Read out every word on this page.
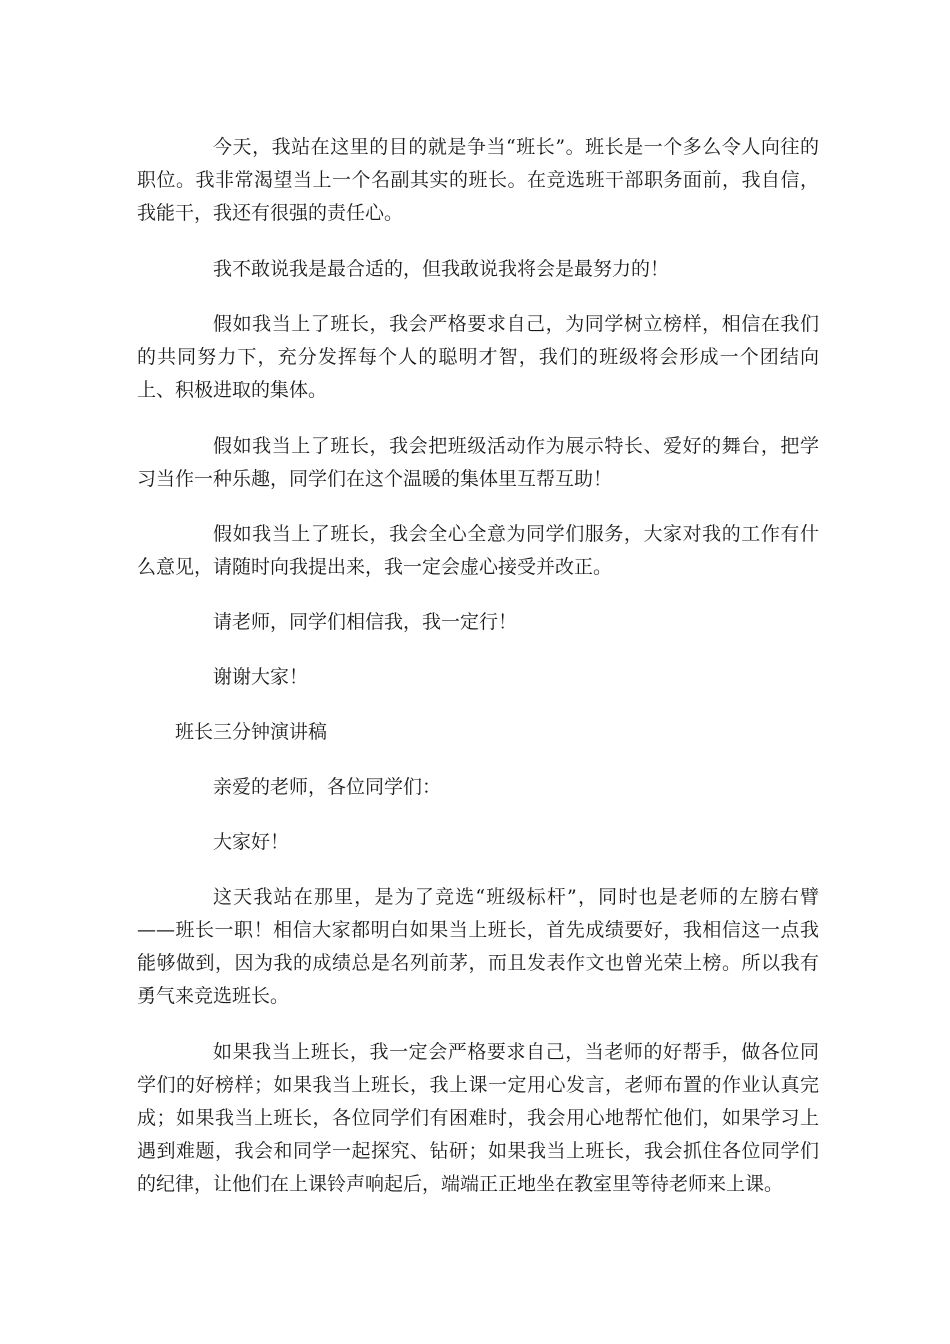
今天，我站在这里的目的就是争当“班长”。班长是一个多么令人向往的职位。我非常渴望当上一个名副其实的班长。在竞选班干部职务面前，我自信，我能干，我还有很强的责任心。

我不敢说我是最合适的，但我敢说我将会是最努力的！

假如我当上了班长，我会严格要求自己，为同学树立榜样，相信在我们的共同努力下，充分发挥每个人的聪明才智，我们的班级将会形成一个团结向上、积极进取的集体。

假如我当上了班长，我会把班级活动作为展示特长、爱好的舞台，把学习当作一种乐趣，同学们在这个温暖的集体里互帮互助！

假如我当上了班长，我会全心全意为同学们服务，大家对我的工作有什么意见，请随时向我提出来，我一定会虚心接受并改正。

请老师，同学们相信我，我一定行！

谢谢大家！

班长三分钟演讲稿

亲爱的老师，各位同学们：

大家好！

这天我站在那里，是为了竞选“班级标杆”，同时也是老师的左膀右臂——班长一职！相信大家都明白如果当上班长，首先成绩要好，我相信这一点我能够做到，因为我的成绩总是名列前茅，而且发表作文也曾光荣上榜。所以我有勇气来竞选班长。

如果我当上班长，我一定会严格要求自己，当老师的好帮手，做各位同学们的好榜样；如果我当上班长，我上课一定用心发言，老师布置的作业认真完成；如果我当上班长，各位同学们有困难时，我会用心地帮忙他们，如果学习上遇到难题，我会和同学一起探究、钻研；如果我当上班长，我会抓住各位同学们的纪律，让他们在上课铃声响起后，端端正正地坐在教室里等待老师来上课。
